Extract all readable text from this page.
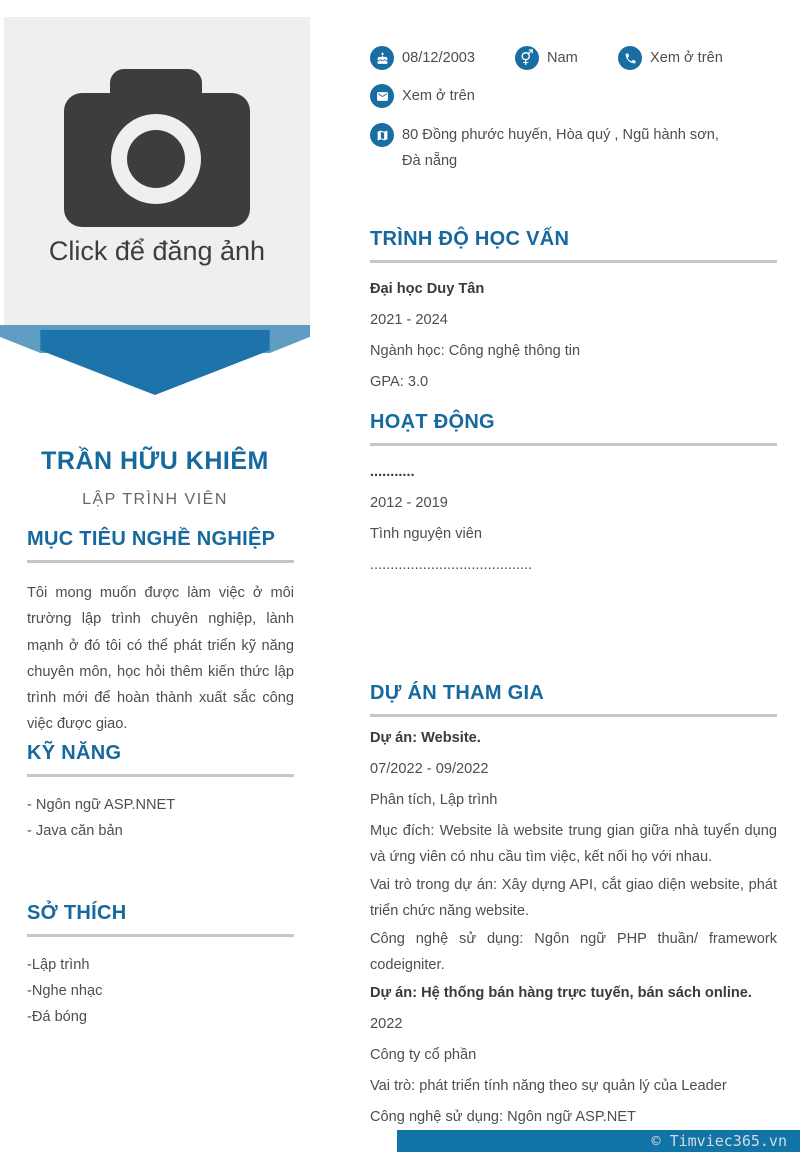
Click để đăng ảnh
TRẦN HỮU KHIÊM
LẬP TRÌNH VIÊN
MỤC TIÊU NGHỀ NGHIỆP

Tôi mong muốn được làm việc ở môi trường lập trình chuyên nghiệp, lành mạnh ở đó tôi có thể phát triển kỹ năng chuyên môn, học hỏi thêm kiến thức lập trình mới để hoàn thành xuất sắc công việc được giao.

KỸ NĂNG
- Ngôn ngữ ASP.NNET
- Java căn bản
SỞ THÍCH
-Lập trình
-Nghe nhạc
-Đá bóng
08/12/2003	⚥ Nam	Xem ở trên
Xem ở trên
80 Đồng phước huyến, Hòa quý , Ngũ hành sơn, Đà nẵng
TRÌNH ĐỘ HỌC VẤN
Đại học Duy Tân
2021 - 2024
Ngành học: Công nghệ thông tin
GPA: 3.0
HOẠT ĐỘNG
...........
2012 - 2019
Tình nguyện viên
........................................
DỰ ÁN THAM GIA
Dự án: Website.
07/2022 - 09/2022
Phân tích, Lập trình
Mục đích: Website là website trung gian giữa nhà tuyển dụng và ứng viên có nhu cầu tìm việc, kết nối họ với nhau.
Vai trò trong dự án: Xây dựng API, cắt giao diện website, phát triển chức năng website.
Công nghệ sử dụng: Ngôn ngữ PHP thuần/ framework codeigniter.
Dự án: Hệ thống bán hàng trực tuyến, bán sách online.
2022
Công ty cổ phần
Vai trò: phát triển tính năng theo sự quản lý của Leader
Công nghệ sử dụng: Ngôn ngữ ASP.NET
© Timviec365.vn
